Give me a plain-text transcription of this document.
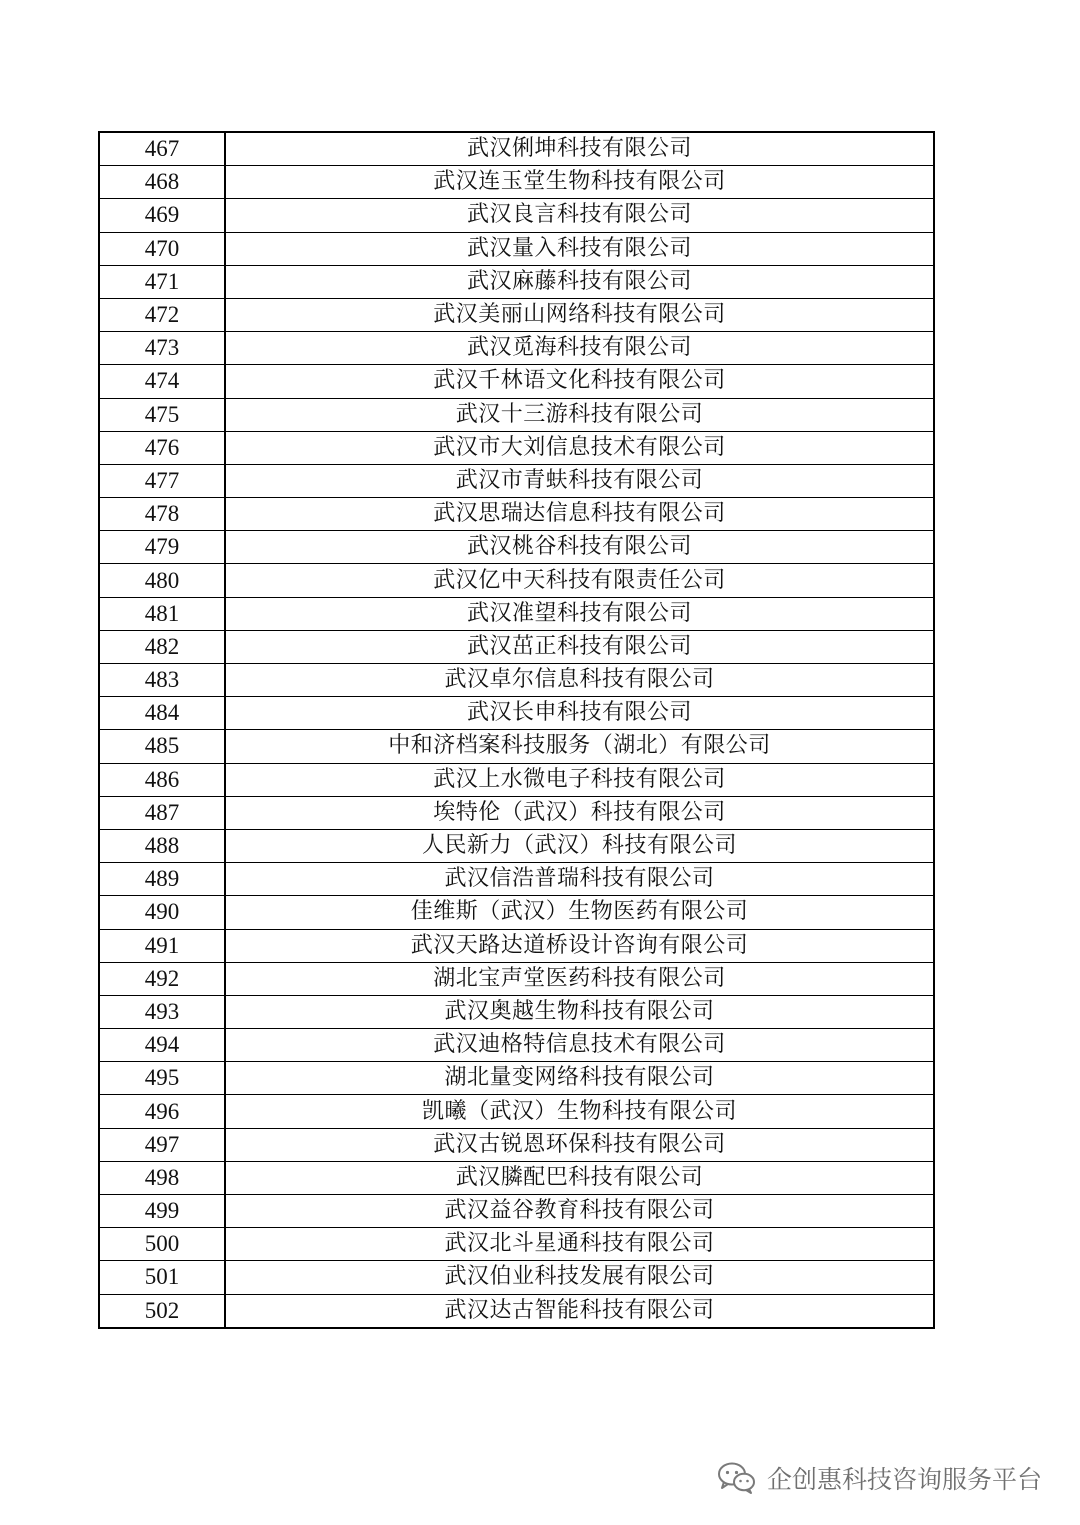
467	武汉俐坤科技有限公司
468	武汉连玉堂生物科技有限公司
469	武汉良言科技有限公司
470	武汉量入科技有限公司
471	武汉麻藤科技有限公司
472	武汉美丽山网络科技有限公司
473	武汉觅海科技有限公司
474	武汉千林语文化科技有限公司
475	武汉十三游科技有限公司
476	武汉市大刘信息技术有限公司
477	武汉市青蚨科技有限公司
478	武汉思瑞达信息科技有限公司
479	武汉桃谷科技有限公司
480	武汉亿中天科技有限责任公司
481	武汉准望科技有限公司
482	武汉茁正科技有限公司
483	武汉卓尔信息科技有限公司
484	武汉长申科技有限公司
485	中和济档案科技服务（湖北）有限公司
486	武汉上水微电子科技有限公司
487	埃特伦（武汉）科技有限公司
488	人民新力（武汉）科技有限公司
489	武汉信浩普瑞科技有限公司
490	佳维斯（武汉）生物医药有限公司
491	武汉天路达道桥设计咨询有限公司
492	湖北宝声堂医药科技有限公司
493	武汉奥越生物科技有限公司
494	武汉迪格特信息技术有限公司
495	湖北量变网络科技有限公司
496	凯曦（武汉）生物科技有限公司
497	武汉古锐恩环保科技有限公司
498	武汉膦配巴科技有限公司
499	武汉益谷教育科技有限公司
500	武汉北斗星通科技有限公司
501	武汉伯业科技发展有限公司
502	武汉达古智能科技有限公司
企创惠科技咨询服务平台
